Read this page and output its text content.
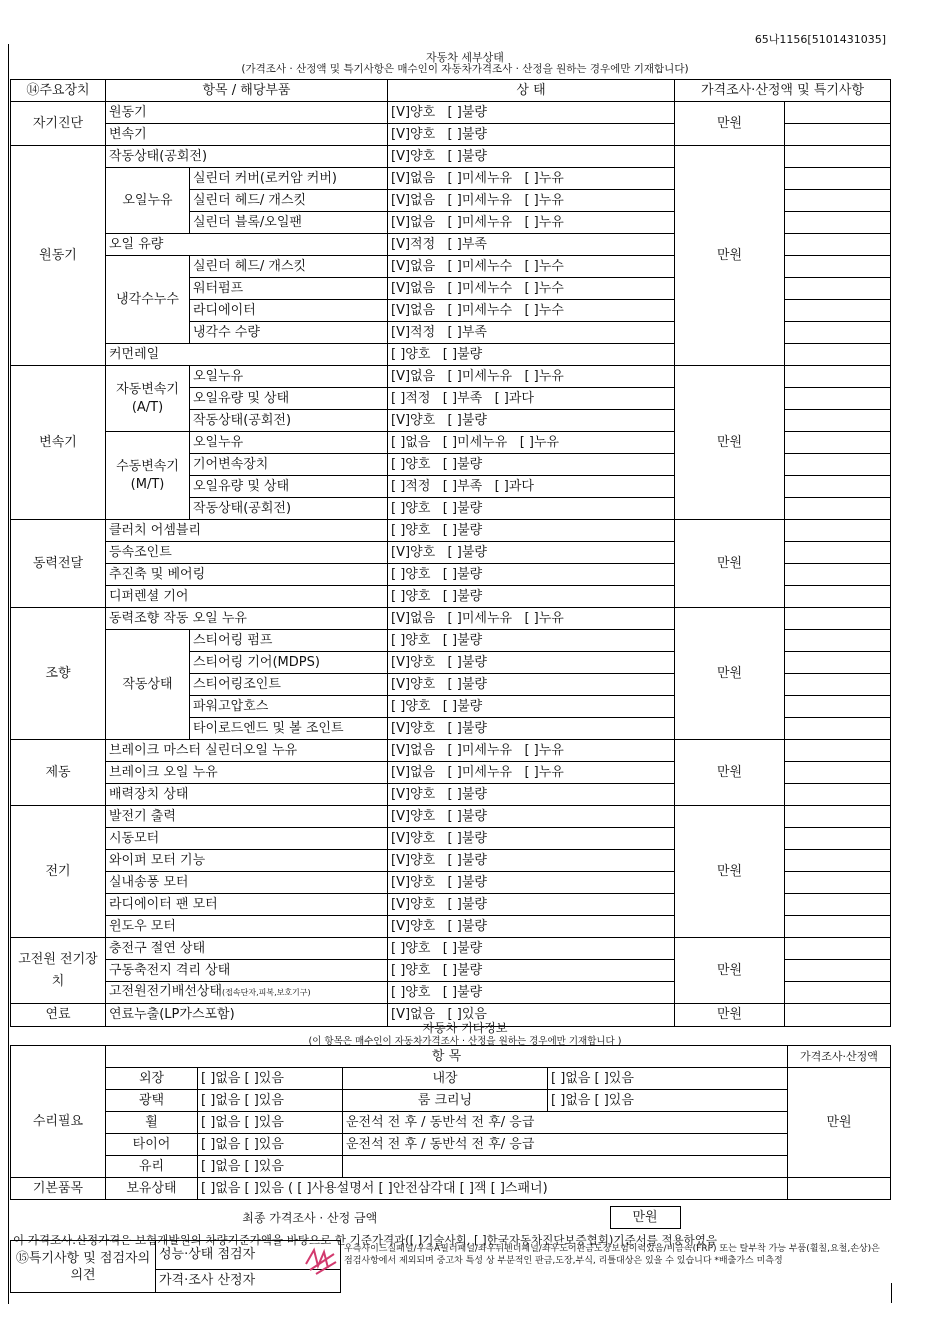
65나1156[5101431035]
자동차 세부상태
(가격조사 · 산정액 및 특기사항은 매수인이 자동차가격조사 · 산정을 원하는 경우에만 기재합니다)
⑭주요장치	항목 / 해당부품		상 태	가격조사·산정액 및 특기사항	
자기진단	원동기		[V]양호   [ ]불량	만원	
	변속기		[V]양호   [ ]불량		
원동기	작동상태(공회전)		[V]양호   [ ]불량	만원	
	오일누유	실린더 커버(로커암 커버)	[V]없음   [ ]미세누유   [ ]누유		
		실린더 헤드/ 개스킷	[V]없음   [ ]미세누유   [ ]누유		
		실린더 블록/오일팬	[V]없음   [ ]미세누유   [ ]누유		
	오일 유량		[V]적정   [ ]부족		
	냉각수누수	실린더 헤드/ 개스킷	[V]없음   [ ]미세누수   [ ]누수		
		워터펌프	[V]없음   [ ]미세누수   [ ]누수		
		라디에이터	[V]없음   [ ]미세누수   [ ]누수		
		냉각수 수량	[V]적정   [ ]부족		
	커먼레일		[ ]양호   [ ]불량		
변속기	자동변속기 (A/T)	오일누유	[V]없음   [ ]미세누유   [ ]누유	만원	
		오일유량 및 상태	[ ]적정   [ ]부족   [ ]과다		
		작동상태(공회전)	[V]양호   [ ]불량		
	수동변속기 (M/T)	오일누유	[ ]없음   [ ]미세누유   [ ]누유		
		기어변속장치	[ ]양호   [ ]불량		
		오일유량 및 상태	[ ]적정   [ ]부족   [ ]과다		
		작동상태(공회전)	[ ]양호   [ ]불량		
동력전달	클러치 어셈블리		[ ]양호   [ ]불량	만원	
	등속조인트		[V]양호   [ ]불량		
	추진축 및 베어링		[ ]양호   [ ]불량		
	디퍼렌셜 기어		[ ]양호   [ ]불량		
조향	동력조향 작동 오일 누유		[V]없음   [ ]미세누유   [ ]누유	만원	
	작동상태	스티어링 펌프	[ ]양호   [ ]불량		
		스티어링 기어(MDPS)	[V]양호   [ ]불량		
		스티어링조인트	[V]양호   [ ]불량		
		파워고압호스	[ ]양호   [ ]불량		
		타이로드엔드 및 볼 조인트	[V]양호   [ ]불량		
제동	브레이크 마스터 실린더오일 누유		[V]없음   [ ]미세누유   [ ]누유	만원	
	브레이크 오일 누유		[V]없음   [ ]미세누유   [ ]누유		
	배력장치 상태		[V]양호   [ ]불량		
전기	발전기 출력		[V]양호   [ ]불량	만원	
	시동모터		[V]양호   [ ]불량		
	와이퍼 모터 기능		[V]양호   [ ]불량		
	실내송풍 모터		[V]양호   [ ]불량		
	라디에이터 팬 모터		[V]양호   [ ]불량		
	윈도우 모터		[V]양호   [ ]불량		
고전원 전기장치	충전구 절연 상태		[ ]양호   [ ]불량	만원	
	구동축전지 격리 상태		[ ]양호   [ ]불량		
	고전원전기배선상태(접속단자,피복,보호기구)		[ ]양호   [ ]불량		
연료	연료누출(LP가스포함)		[V]없음   [ ]있음	만원	
자동차 기타정보
(이 항목은 매수인이 자동차가격조사 · 산정을 원하는 경우에만 기재합니다 )
	항 목				가격조사·산정액
수리필요	외장	[ ]없음 [ ]있음	내장	[ ]없음 [ ]있음	만원
	광택	[ ]없음 [ ]있음	룸 크리닝	[ ]없음 [ ]있음	
	휠	[ ]없음 [ ]있음	운전석 전 후 / 동반석 전 후/ 응급		
	타이어	[ ]없음 [ ]있음	운전석 전 후 / 동반석 전 후/ 응급		
	유리	[ ]없음 [ ]있음			
기본품목	보유상태	[ ]없음 [ ]있음 ( [ ]사용설명서 [ ]안전삼각대 [ ]잭 [ ]스패너)			
최종 가격조사 · 산정 금액	만원	
이 가격조사.산정가격은 보험개발원의 차량기준가액을 바탕으로 한 기준가격과([ ]기술사회, [ ]한국자동차진단보증협회)기준서를 적용하였음
⑮특기사항 및 점검자의 의견	성능·상태 점검자	우측사이드실패널/우측A필러패널/좌우뒤펜더패널/좌우도어판금도장보험이력있음/비금속(FRP) 또는 탈부착 가능 부품(휠칠,요철,손상)은 점검사항에서 제외되며 중고차 특성 상 부분적인 판금,도장,부식, 리틀대상은 있을 수 있습니다 *배출가스 미측정
가격·조사 산정자
